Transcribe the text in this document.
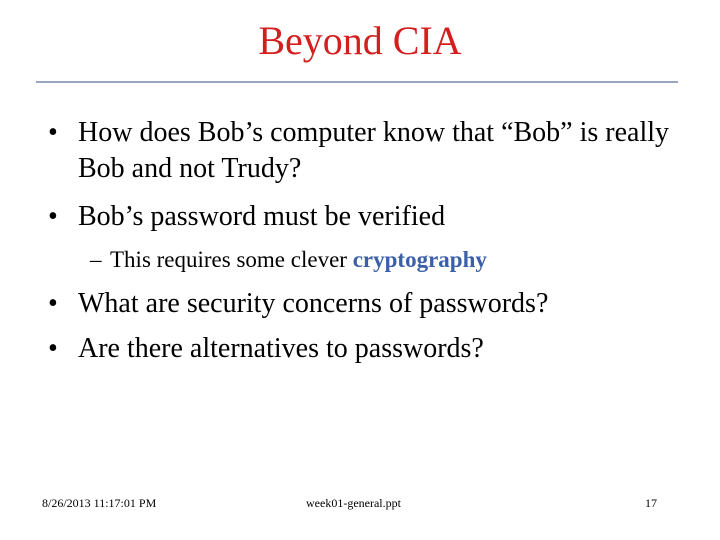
Beyond CIA
• How does Bob’s computer know that “Bob” is really Bob and not Trudy?
• Bob’s password must be verified
– This requires some clever cryptography
• What are security concerns of passwords?
• Are there alternatives to passwords?
8/26/2013 11:17:01 PM	week01-general.ppt	17
